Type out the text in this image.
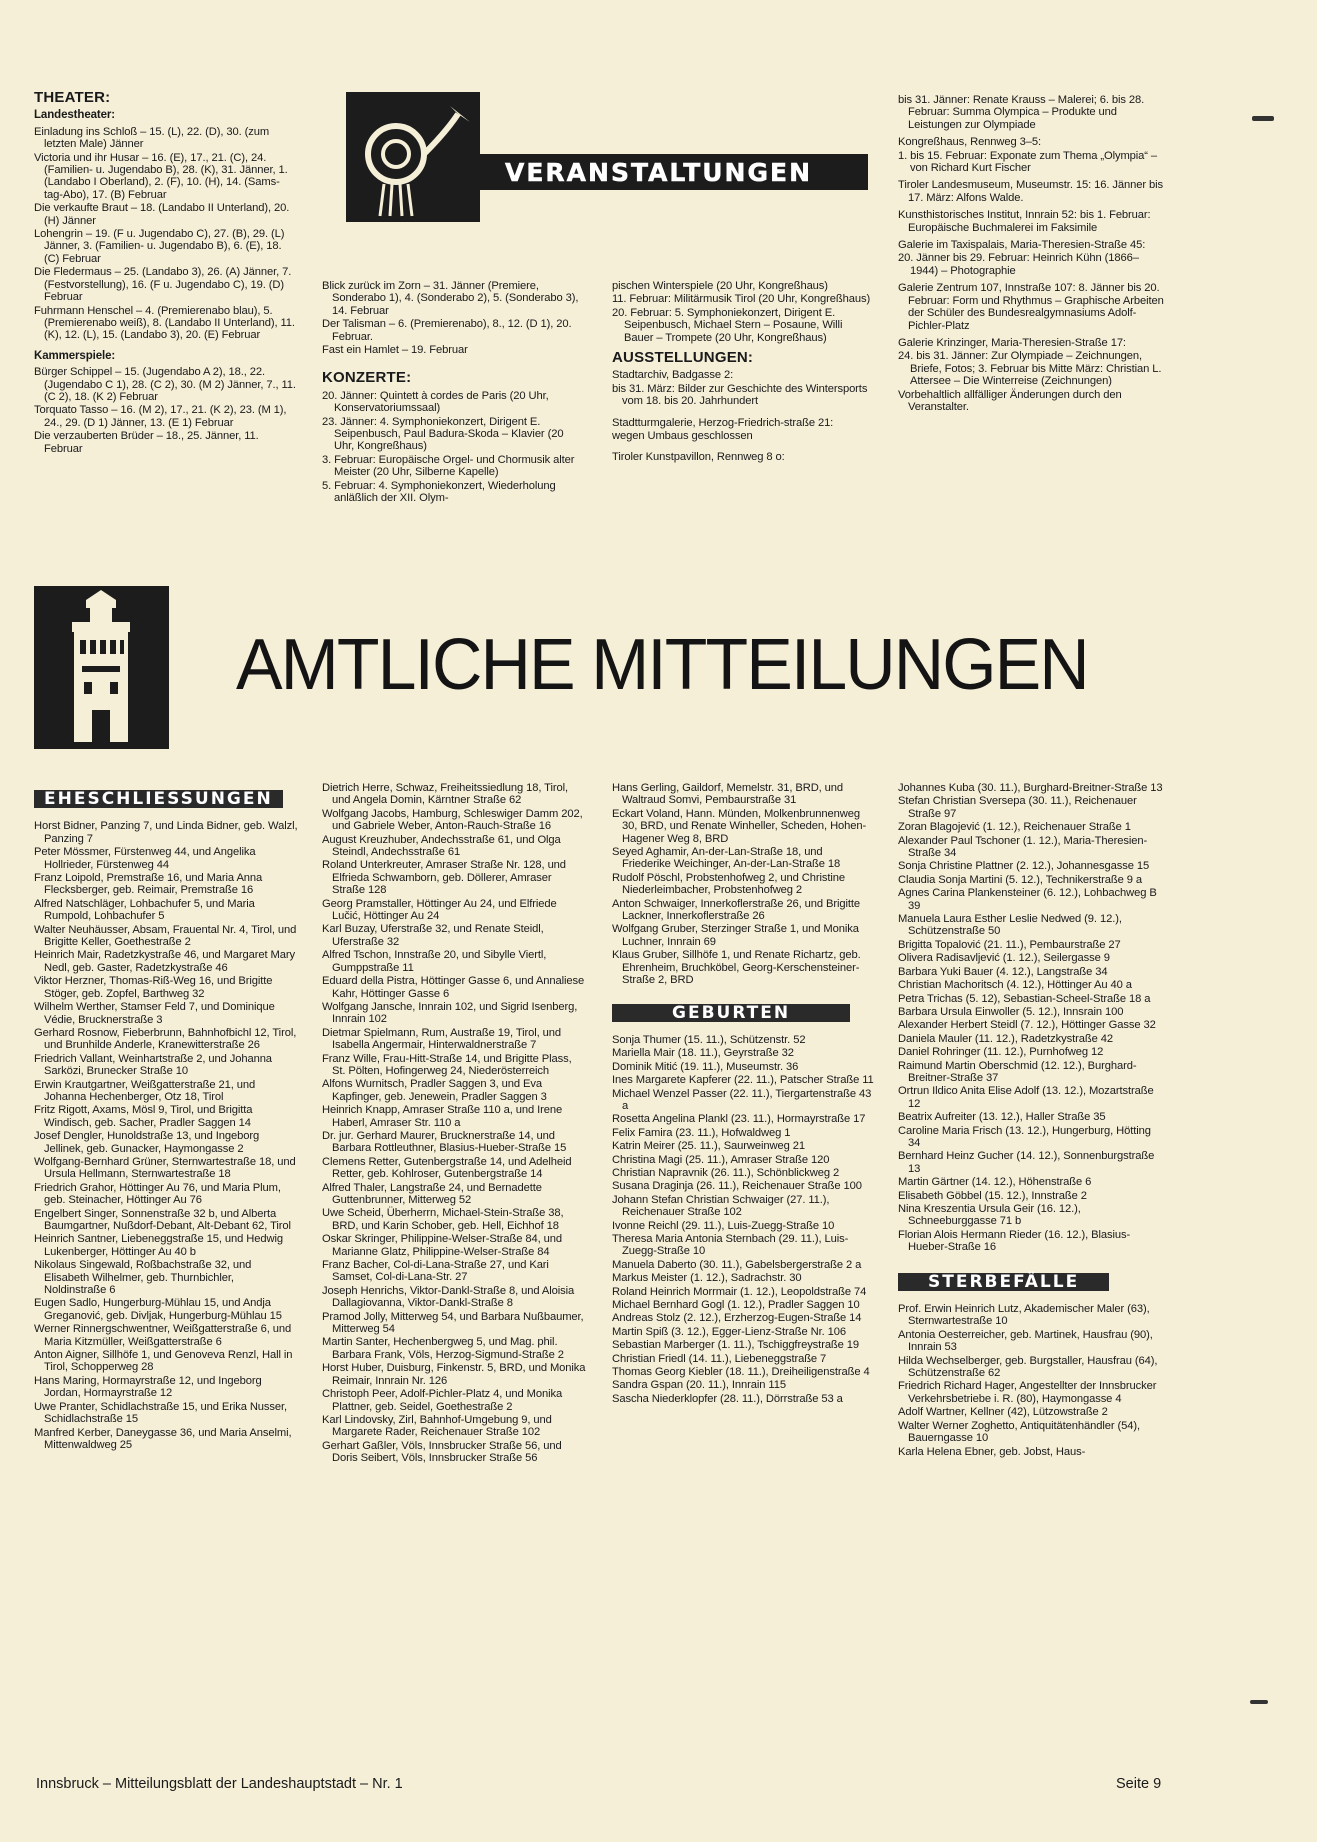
THEATER:
Landestheater:

Einladung ins Schloß – 15. (L), 22. (D), 30. (zum letzten Male) Jänner

Victoria und ihr Husar – 16. (E), 17., 21. (C), 24. (Familien- u. Jugendabo B), 28. (K), 31. Jänner, 1. (Landabo I Oberland), 2. (F), 10. (H), 14. (Sams-tag-Abo), 17. (B) Februar

Die verkaufte Braut – 18. (Landabo II Unterland), 20. (H) Jänner

Lohengrin – 19. (F u. Jugendabo C), 27. (B), 29. (L) Jänner, 3. (Familien- u. Jugendabo B), 6. (E), 18. (C) Februar

Die Fledermaus – 25. (Landabo 3), 26. (A) Jänner, 7. (Festvorstellung), 16. (F u. Jugendabo C), 19. (D) Februar

Fuhrmann Henschel – 4. (Premierenabo blau), 5. (Premierenabo weiß), 8. (Landabo II Unterland), 11. (K), 12. (L), 15. (Landabo 3), 20. (E) Februar

Kammerspiele:

Bürger Schippel – 15. (Jugendabo A 2), 18., 22. (Jugendabo C 1), 28. (C 2), 30. (M 2) Jänner, 7., 11. (C 2), 18. (K 2) Februar

Torquato Tasso – 16. (M 2), 17., 21. (K 2), 23. (M 1), 24., 29. (D 1) Jänner, 13. (E 1) Februar

Die verzauberten Brüder – 18., 25. Jänner, 11. Februar

VERANSTALTUNGEN

Blick zurück im Zorn – 31. Jänner (Premiere, Sonderabo 1), 4. (Sonderabo 2), 5. (Sonderabo 3), 14. Februar

Der Talisman – 6. (Premierenabo), 8., 12. (D 1), 20. Februar.

Fast ein Hamlet – 19. Februar

KONZERTE:

20. Jänner: Quintett à cordes de Paris (20 Uhr, Konservatoriumssaal)

23. Jänner: 4. Symphoniekonzert, Dirigent E. Seipenbusch, Paul Badura-Skoda – Klavier (20 Uhr, Kongreßhaus)

3. Februar: Europäische Orgel- und Chormusik alter Meister (20 Uhr, Silberne Kapelle)

5. Februar: 4. Symphoniekonzert, Wiederholung anläßlich der XII. Olym-

pischen Winterspiele (20 Uhr, Kongreßhaus)

11. Februar: Militärmusik Tirol (20 Uhr, Kongreßhaus)

20. Februar: 5. Symphoniekonzert, Dirigent E. Seipenbusch, Michael Stern – Posaune, Willi Bauer – Trompete (20 Uhr, Kongreßhaus)

AUSSTELLUNGEN:

Stadtarchiv, Badgasse 2:

bis 31. März: Bilder zur Geschichte des Wintersports vom 18. bis 20. Jahrhundert

Stadtturmgalerie, Herzog-Friedrich-straße 21:

wegen Umbaus geschlossen

Tiroler Kunstpavillon, Rennweg 8 o:

bis 31. Jänner: Renate Krauss – Malerei; 6. bis 28. Februar: Summa Olympica – Produkte und Leistungen zur Olympiade

Kongreßhaus, Rennweg 3–5:

1. bis 15. Februar: Exponate zum Thema „Olympia“ – von Richard Kurt Fischer

Tiroler Landesmuseum, Museumstr. 15: 16. Jänner bis 17. März: Alfons Walde.

Kunsthistorisches Institut, Innrain 52: bis 1. Februar: Europäische Buchmalerei im Faksimile

Galerie im Taxispalais, Maria-Theresien-Straße 45:

20. Jänner bis 29. Februar: Heinrich Kühn (1866–1944) – Photographie

Galerie Zentrum 107, Innstraße 107: 8. Jänner bis 20. Februar: Form und Rhythmus – Graphische Arbeiten der Schüler des Bundesrealgymnasiums Adolf-Pichler-Platz

Galerie Krinzinger, Maria-Theresien-Straße 17:

24. bis 31. Jänner: Zur Olympiade – Zeichnungen, Briefe, Fotos; 3. Februar bis Mitte März: Christian L. Attersee – Die Winterreise (Zeichnungen)

Vorbehaltlich allfälliger Änderungen durch den Veranstalter.

AMTLICHE MITTEILUNGEN
EHESCHLIESSUNGEN

Horst Bidner, Panzing 7, und Linda Bidner, geb. Walzl, Panzing 7

Peter Mössmer, Fürstenweg 44, und Angelika Hollrieder, Fürstenweg 44

Franz Loipold, Premstraße 16, und Maria Anna Flecksberger, geb. Reimair, Premstraße 16

Alfred Natschläger, Lohbachufer 5, und Maria Rumpold, Lohbachufer 5

Walter Neuhäusser, Absam, Frauental Nr. 4, Tirol, und Brigitte Keller, Goethestraße 2

Heinrich Mair, Radetzkystraße 46, und Margaret Mary Nedl, geb. Gaster, Radetzkystraße 46

Viktor Herzner, Thomas-Riß-Weg 16, und Brigitte Stöger, geb. Zopfel, Barthweg 32

Wilhelm Werther, Stamser Feld 7, und Dominique Védie, Brucknerstraße 3

Gerhard Rosnow, Fieberbrunn, Bahnhofbichl 12, Tirol, und Brunhilde Anderle, Kranewitterstraße 26

Friedrich Vallant, Weinhartstraße 2, und Johanna Sarközi, Brunecker Straße 10

Erwin Krautgartner, Weißgatterstraße 21, und Johanna Hechenberger, Otz 18, Tirol

Fritz Rigott, Axams, Mösl 9, Tirol, und Brigitta Windisch, geb. Sacher, Pradler Saggen 14

Josef Dengler, Hunoldstraße 13, und Ingeborg Jellinek, geb. Gunacker, Haymongasse 2

Wolfgang-Bernhard Grüner, Sternwartestraße 18, und Ursula Hellmann, Sternwartestraße 18

Friedrich Grahor, Höttinger Au 76, und Maria Plum, geb. Steinacher, Höttinger Au 76

Engelbert Singer, Sonnenstraße 32 b, und Alberta Baumgartner, Nußdorf-Debant, Alt-Debant 62, Tirol

Heinrich Santner, Liebeneggstraße 15, und Hedwig Lukenberger, Höttinger Au 40 b

Nikolaus Singewald, Roßbachstraße 32, und Elisabeth Wilhelmer, geb. Thurnbichler, Noldinstraße 6

Eugen Sadlo, Hungerburg-Mühlau 15, und Andja Greganović, geb. Divljak, Hungerburg-Mühlau 15

Werner Rinnergschwentner, Weißgatterstraße 6, und Maria Kitzmüller, Weißgatterstraße 6

Anton Aigner, Sillhöfe 1, und Genoveva Renzl, Hall in Tirol, Schopperweg 28

Hans Maring, Hormayrstraße 12, und Ingeborg Jordan, Hormayrstraße 12

Uwe Pranter, Schidlachstraße 15, und Erika Nusser, Schidlachstraße 15

Manfred Kerber, Daneygasse 36, und Maria Anselmi, Mittenwaldweg 25

Dietrich Herre, Schwaz, Freiheitssiedlung 18, Tirol, und Angela Domin, Kärntner Straße 62

Wolfgang Jacobs, Hamburg, Schleswiger Damm 202, und Gabriele Weber, Anton-Rauch-Straße 16

August Kreuzhuber, Andechsstraße 61, und Olga Steindl, Andechsstraße 61

Roland Unterkreuter, Amraser Straße Nr. 128, und Elfrieda Schwamborn, geb. Döllerer, Amraser Straße 128

Georg Pramstaller, Höttinger Au 24, und Elfriede Lučić, Höttinger Au 24

Karl Buzay, Uferstraße 32, und Renate Steidl, Uferstraße 32

Alfred Tschon, Innstraße 20, und Sibylle Viertl, Gumppstraße 11

Eduard della Pistra, Höttinger Gasse 6, und Annaliese Kahr, Höttinger Gasse 6

Wolfgang Jansche, Innrain 102, und Sigrid Isenberg, Innrain 102

Dietmar Spielmann, Rum, Austraße 19, Tirol, und Isabella Angermair, Hinterwaldnerstraße 7

Franz Wille, Frau-Hitt-Straße 14, und Brigitte Plass, St. Pölten, Hofingerweg 24, Niederösterreich

Alfons Wurnitsch, Pradler Saggen 3, und Eva Kapfinger, geb. Jenewein, Pradler Saggen 3

Heinrich Knapp, Amraser Straße 110 a, und Irene Haberl, Amraser Str. 110 a

Dr. jur. Gerhard Maurer, Brucknerstraße 14, und Barbara Rottleuthner, Blasius-Hueber-Straße 15

Clemens Retter, Gutenbergstraße 14, und Adelheid Retter, geb. Kohlroser, Gutenbergstraße 14

Alfred Thaler, Langstraße 24, und Bernadette Guttenbrunner, Mitterweg 52

Uwe Scheid, Überherrn, Michael-Stein-Straße 38, BRD, und Karin Schober, geb. Hell, Eichhof 18

Oskar Skringer, Philippine-Welser-Straße 84, und Marianne Glatz, Philippine-Welser-Straße 84

Franz Bacher, Col-di-Lana-Straße 27, und Kari Samset, Col-di-Lana-Str. 27

Joseph Henrichs, Viktor-Dankl-Straße 8, und Aloisia Dallagiovanna, Viktor-Dankl-Straße 8

Pramod Jolly, Mitterweg 54, und Barbara Nußbaumer, Mitterweg 54

Martin Santer, Hechenbergweg 5, und Mag. phil. Barbara Frank, Völs, Herzog-Sigmund-Straße 2

Horst Huber, Duisburg, Finkenstr. 5, BRD, und Monika Reimair, Innrain Nr. 126

Christoph Peer, Adolf-Pichler-Platz 4, und Monika Plattner, geb. Seidel, Goethestraße 2

Karl Lindovsky, Zirl, Bahnhof-Umgebung 9, und Margarete Rader, Reichenauer Straße 102

Gerhart Gaßler, Völs, Innsbrucker Straße 56, und Doris Seibert, Völs, Innsbrucker Straße 56

Hans Gerling, Gaildorf, Memelstr. 31, BRD, und Waltraud Somvi, Pembaurstraße 31

Eckart Voland, Hann. Münden, Molkenbrunnenweg 30, BRD, und Renate Winheller, Scheden, Hohen-Hagener Weg 8, BRD

Seyed Aghamir, An-der-Lan-Straße 18, und Friederike Weichinger, An-der-Lan-Straße 18

Rudolf Pöschl, Probstenhofweg 2, und Christine Niederleimbacher, Probstenhofweg 2

Anton Schwaiger, Innerkoflerstraße 26, und Brigitte Lackner, Innerkoflerstraße 26

Wolfgang Gruber, Sterzinger Straße 1, und Monika Luchner, Innrain 69

Klaus Gruber, Sillhöfe 1, und Renate Richartz, geb. Ehrenheim, Bruchköbel, Georg-Kerschensteiner-Straße 2, BRD

GEBURTEN

Sonja Thumer (15. 11.), Schützenstr. 52

Mariella Mair (18. 11.), Geyrstraße 32

Dominik Mitić (19. 11.), Museumstr. 36

Ines Margarete Kapferer (22. 11.), Patscher Straße 11

Michael Wenzel Passer (22. 11.), Tiergartenstraße 43 a

Rosetta Angelina Plankl (23. 11.), Hormayrstraße 17

Felix Famira (23. 11.), Hofwaldweg 1

Katrin Meirer (25. 11.), Saurweinweg 21

Christina Magi (25. 11.), Amraser Straße 120

Christian Napravnik (26. 11.), Schönblickweg 2

Susana Draginja (26. 11.), Reichenauer Straße 100

Johann Stefan Christian Schwaiger (27. 11.), Reichenauer Straße 102

Ivonne Reichl (29. 11.), Luis-Zuegg-Straße 10

Theresa Maria Antonia Sternbach (29. 11.), Luis-Zuegg-Straße 10

Manuela Daberto (30. 11.), Gabelsbergerstraße 2 a

Markus Meister (1. 12.), Sadrachstr. 30

Roland Heinrich Morrmair (1. 12.), Leopoldstraße 74

Michael Bernhard Gogl (1. 12.), Pradler Saggen 10

Andreas Stolz (2. 12.), Erzherzog-Eugen-Straße 14

Martin Spiß (3. 12.), Egger-Lienz-Straße Nr. 106

Sebastian Marberger (1. 11.), Tschiggfreystraße 19

Christian Friedl (14. 11.), Liebeneggstraße 7

Thomas Georg Kiebler (18. 11.), Dreiheiligenstraße 4

Sandra Gspan (20. 11.), Innrain 115

Sascha Niederklopfer (28. 11.), Dörrstraße 53 a

Johannes Kuba (30. 11.), Burghard-Breitner-Straße 13

Stefan Christian Sversepa (30. 11.), Reichenauer Straße 97

Zoran Blagojević (1. 12.), Reichenauer Straße 1

Alexander Paul Tschoner (1. 12.), Maria-Theresien-Straße 34

Sonja Christine Plattner (2. 12.), Johannesgasse 15

Claudia Sonja Martini (5. 12.), Technikerstraße 9 a

Agnes Carina Plankensteiner (6. 12.), Lohbachweg B 39

Manuela Laura Esther Leslie Nedwed (9. 12.), Schützenstraße 50

Brigitta Topalović (21. 11.), Pembaurstraße 27

Olivera Radisavljević (1. 12.), Seilergasse 9

Barbara Yuki Bauer (4. 12.), Langstraße 34

Christian Machoritsch (4. 12.), Höttinger Au 40 a

Petra Trichas (5. 12), Sebastian-Scheel-Straße 18 a

Barbara Ursula Einwoller (5. 12.), Innsrain 100

Alexander Herbert Steidl (7. 12.), Höttinger Gasse 32

Daniela Mauler (11. 12.), Radetzkystraße 42

Daniel Rohringer (11. 12.), Purnhofweg 12

Raimund Martin Oberschmid (12. 12.), Burghard-Breitner-Straße 37

Ortrun Ildico Anita Elise Adolf (13. 12.), Mozartstraße 12

Beatrix Aufreiter (13. 12.), Haller Straße 35

Caroline Maria Frisch (13. 12.), Hungerburg, Hötting 34

Bernhard Heinz Gucher (14. 12.), Sonnenburgstraße 13

Martin Gärtner (14. 12.), Höhenstraße 6

Elisabeth Göbbel (15. 12.), Innstraße 2

Nina Kreszentia Ursula Geir (16. 12.), Schneeburggasse 71 b

Florian Alois Hermann Rieder (16. 12.), Blasius-Hueber-Straße 16

STERBEFÄLLE

Prof. Erwin Heinrich Lutz, Akademischer Maler (63), Sternwartestraße 10

Antonia Oesterreicher, geb. Martinek, Hausfrau (90), Innrain 53

Hilda Wechselberger, geb. Burgstaller, Hausfrau (64), Schützenstraße 62

Friedrich Richard Hager, Angestellter der Innsbrucker Verkehrsbetriebe i. R. (80), Haymongasse 4

Adolf Wartner, Kellner (42), Lützowstraße 2

Walter Werner Zoghetto, Antiquitätenhändler (54), Bauerngasse 10

Karla Helena Ebner, geb. Jobst, Haus-

Innsbruck – Mitteilungsblatt der Landeshauptstadt – Nr. 1	Seite 9
